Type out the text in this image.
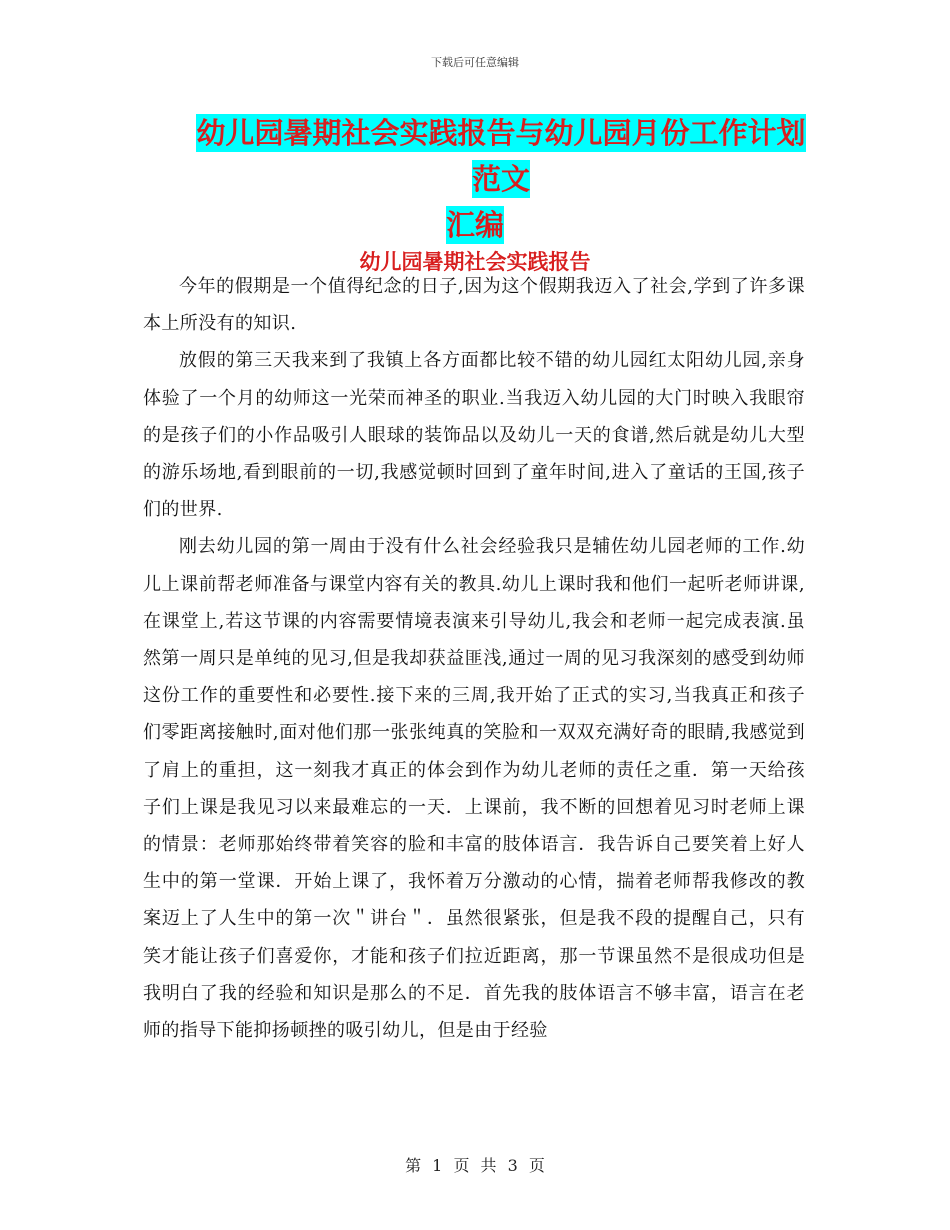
下载后可任意编辑
幼儿园暑期社会实践报告与幼儿园月份工作计划范文
汇编
幼儿园暑期社会实践报告

今年的假期是一个值得纪念的日子,因为这个假期我迈入了社会,学到了许多课本上所没有的知识.

放假的第三天我来到了我镇上各方面都比较不错的幼儿园红太阳幼儿园,亲身体验了一个月的幼师这一光荣而神圣的职业.当我迈入幼儿园的大门时映入我眼帘的是孩子们的小作品吸引人眼球的装饰品以及幼儿一天的食谱,然后就是幼儿大型的游乐场地,看到眼前的一切,我感觉顿时回到了童年时间,进入了童话的王国,孩子们的世界.

刚去幼儿园的第一周由于没有什么社会经验我只是辅佐幼儿园老师的工作.幼儿上课前帮老师准备与课堂内容有关的教具.幼儿上课时我和他们一起听老师讲课,在课堂上,若这节课的内容需要情境表演来引导幼儿,我会和老师一起完成表演.虽然第一周只是单纯的见习,但是我却获益匪浅,通过一周的见习我深刻的感受到幼师这份工作的重要性和必要性.接下来的三周,我开始了正式的实习,当我真正和孩子们零距离接触时,面对他们那一张张纯真的笑脸和一双双充满好奇的眼睛,我感觉到了肩上的重担，这一刻我才真正的体会到作为幼儿老师的责任之重．第一天给孩子们上课是我见习以来最难忘的一天．上课前，我不断的回想着见习时老师上课的情景：老师那始终带着笑容的脸和丰富的肢体语言．我告诉自己要笑着上好人生中的第一堂课．开始上课了，我怀着万分激动的心情，揣着老师帮我修改的教案迈上了人生中的第一次＂讲台＂．虽然很紧张，但是我不段的提醒自己，只有笑才能让孩子们喜爱你，才能和孩子们拉近距离，那一节课虽然不是很成功但是我明白了我的经验和知识是那么的不足．首先我的肢体语言不够丰富，语言在老师的指导下能抑扬顿挫的吸引幼儿，但是由于经验

第 1 页 共 3 页
